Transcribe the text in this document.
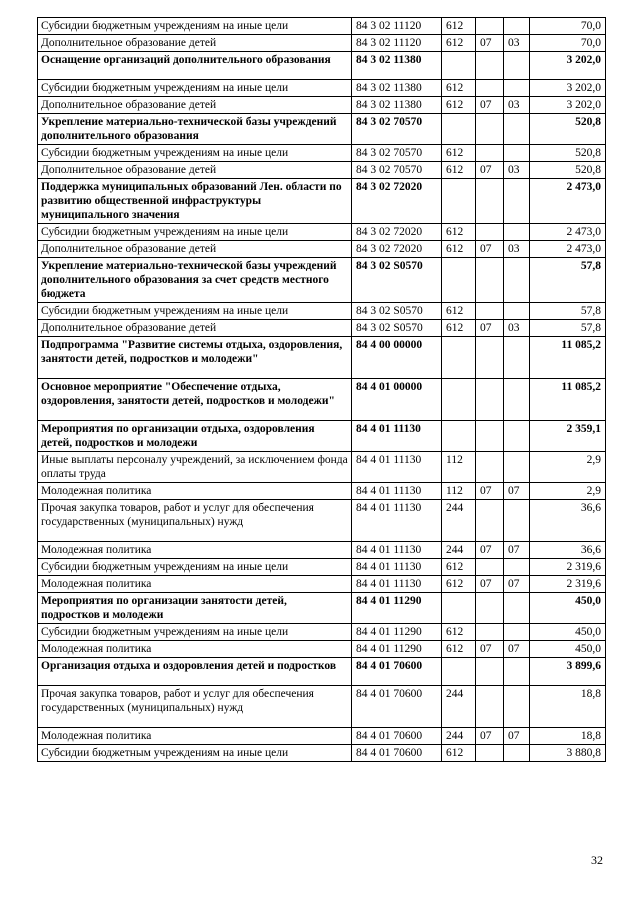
Субсидии бюджетным учреждениям на иные цели	84 3 02 11120	612			70,0
Дополнительное образование детей	84 3 02 11120	612	07	03	70,0
Оснащение организаций дополнительного образования	84 3 02 11380				3 202,0
Субсидии бюджетным учреждениям на иные цели	84 3 02 11380	612			3 202,0
Дополнительное образование детей	84 3 02 11380	612	07	03	3 202,0
Укрепление материально-технической базы учреждений дополнительного образования	84 3 02 70570				520,8
Субсидии бюджетным учреждениям на иные цели	84 3 02 70570	612			520,8
Дополнительное образование детей	84 3 02 70570	612	07	03	520,8
Поддержка муниципальных образований Лен. области по развитию общественной инфраструктуры муниципального значения	84 3 02 72020				2 473,0
Субсидии бюджетным учреждениям на иные цели	84 3 02 72020	612			2 473,0
Дополнительное образование детей	84 3 02 72020	612	07	03	2 473,0
Укрепление материально-технической базы учреждений дополнительного образования за счет средств местного бюджета	84 3 02 S0570				57,8
Субсидии бюджетным учреждениям на иные цели	84 3 02 S0570	612			57,8
Дополнительное образование детей	84 3 02 S0570	612	07	03	57,8
Подпрограмма "Развитие системы отдыха, оздоровления, занятости детей, подростков и молодежи"	84 4 00 00000				11 085,2
Основное мероприятие "Обеспечение отдыха, оздоровления, занятости детей, подростков и молодежи"	84 4 01 00000				11 085,2
Мероприятия по организации отдыха, оздоровления детей, подростков и молодежи	84 4 01 11130				2 359,1
Иные выплаты персоналу учреждений, за исключением фонда оплаты труда	84 4 01 11130	112			2,9
Молодежная политика	84 4 01 11130	112	07	07	2,9
Прочая закупка товаров, работ и услуг для обеспечения государственных (муниципальных) нужд	84 4 01 11130	244			36,6
Молодежная политика	84 4 01 11130	244	07	07	36,6
Субсидии бюджетным учреждениям на иные цели	84 4 01 11130	612			2 319,6
Молодежная политика	84 4 01 11130	612	07	07	2 319,6
Мероприятия по организации занятости детей, подростков и молодежи	84 4 01 11290				450,0
Субсидии бюджетным учреждениям на иные цели	84 4 01 11290	612			450,0
Молодежная политика	84 4 01 11290	612	07	07	450,0
Организация отдыха и оздоровления детей и подростков	84 4 01 70600				3 899,6
Прочая закупка товаров, работ и услуг для обеспечения государственных (муниципальных) нужд	84 4 01 70600	244			18,8
Молодежная политика	84 4 01 70600	244	07	07	18,8
Субсидии бюджетным учреждениям на иные цели	84 4 01 70600	612			3 880,8
32
